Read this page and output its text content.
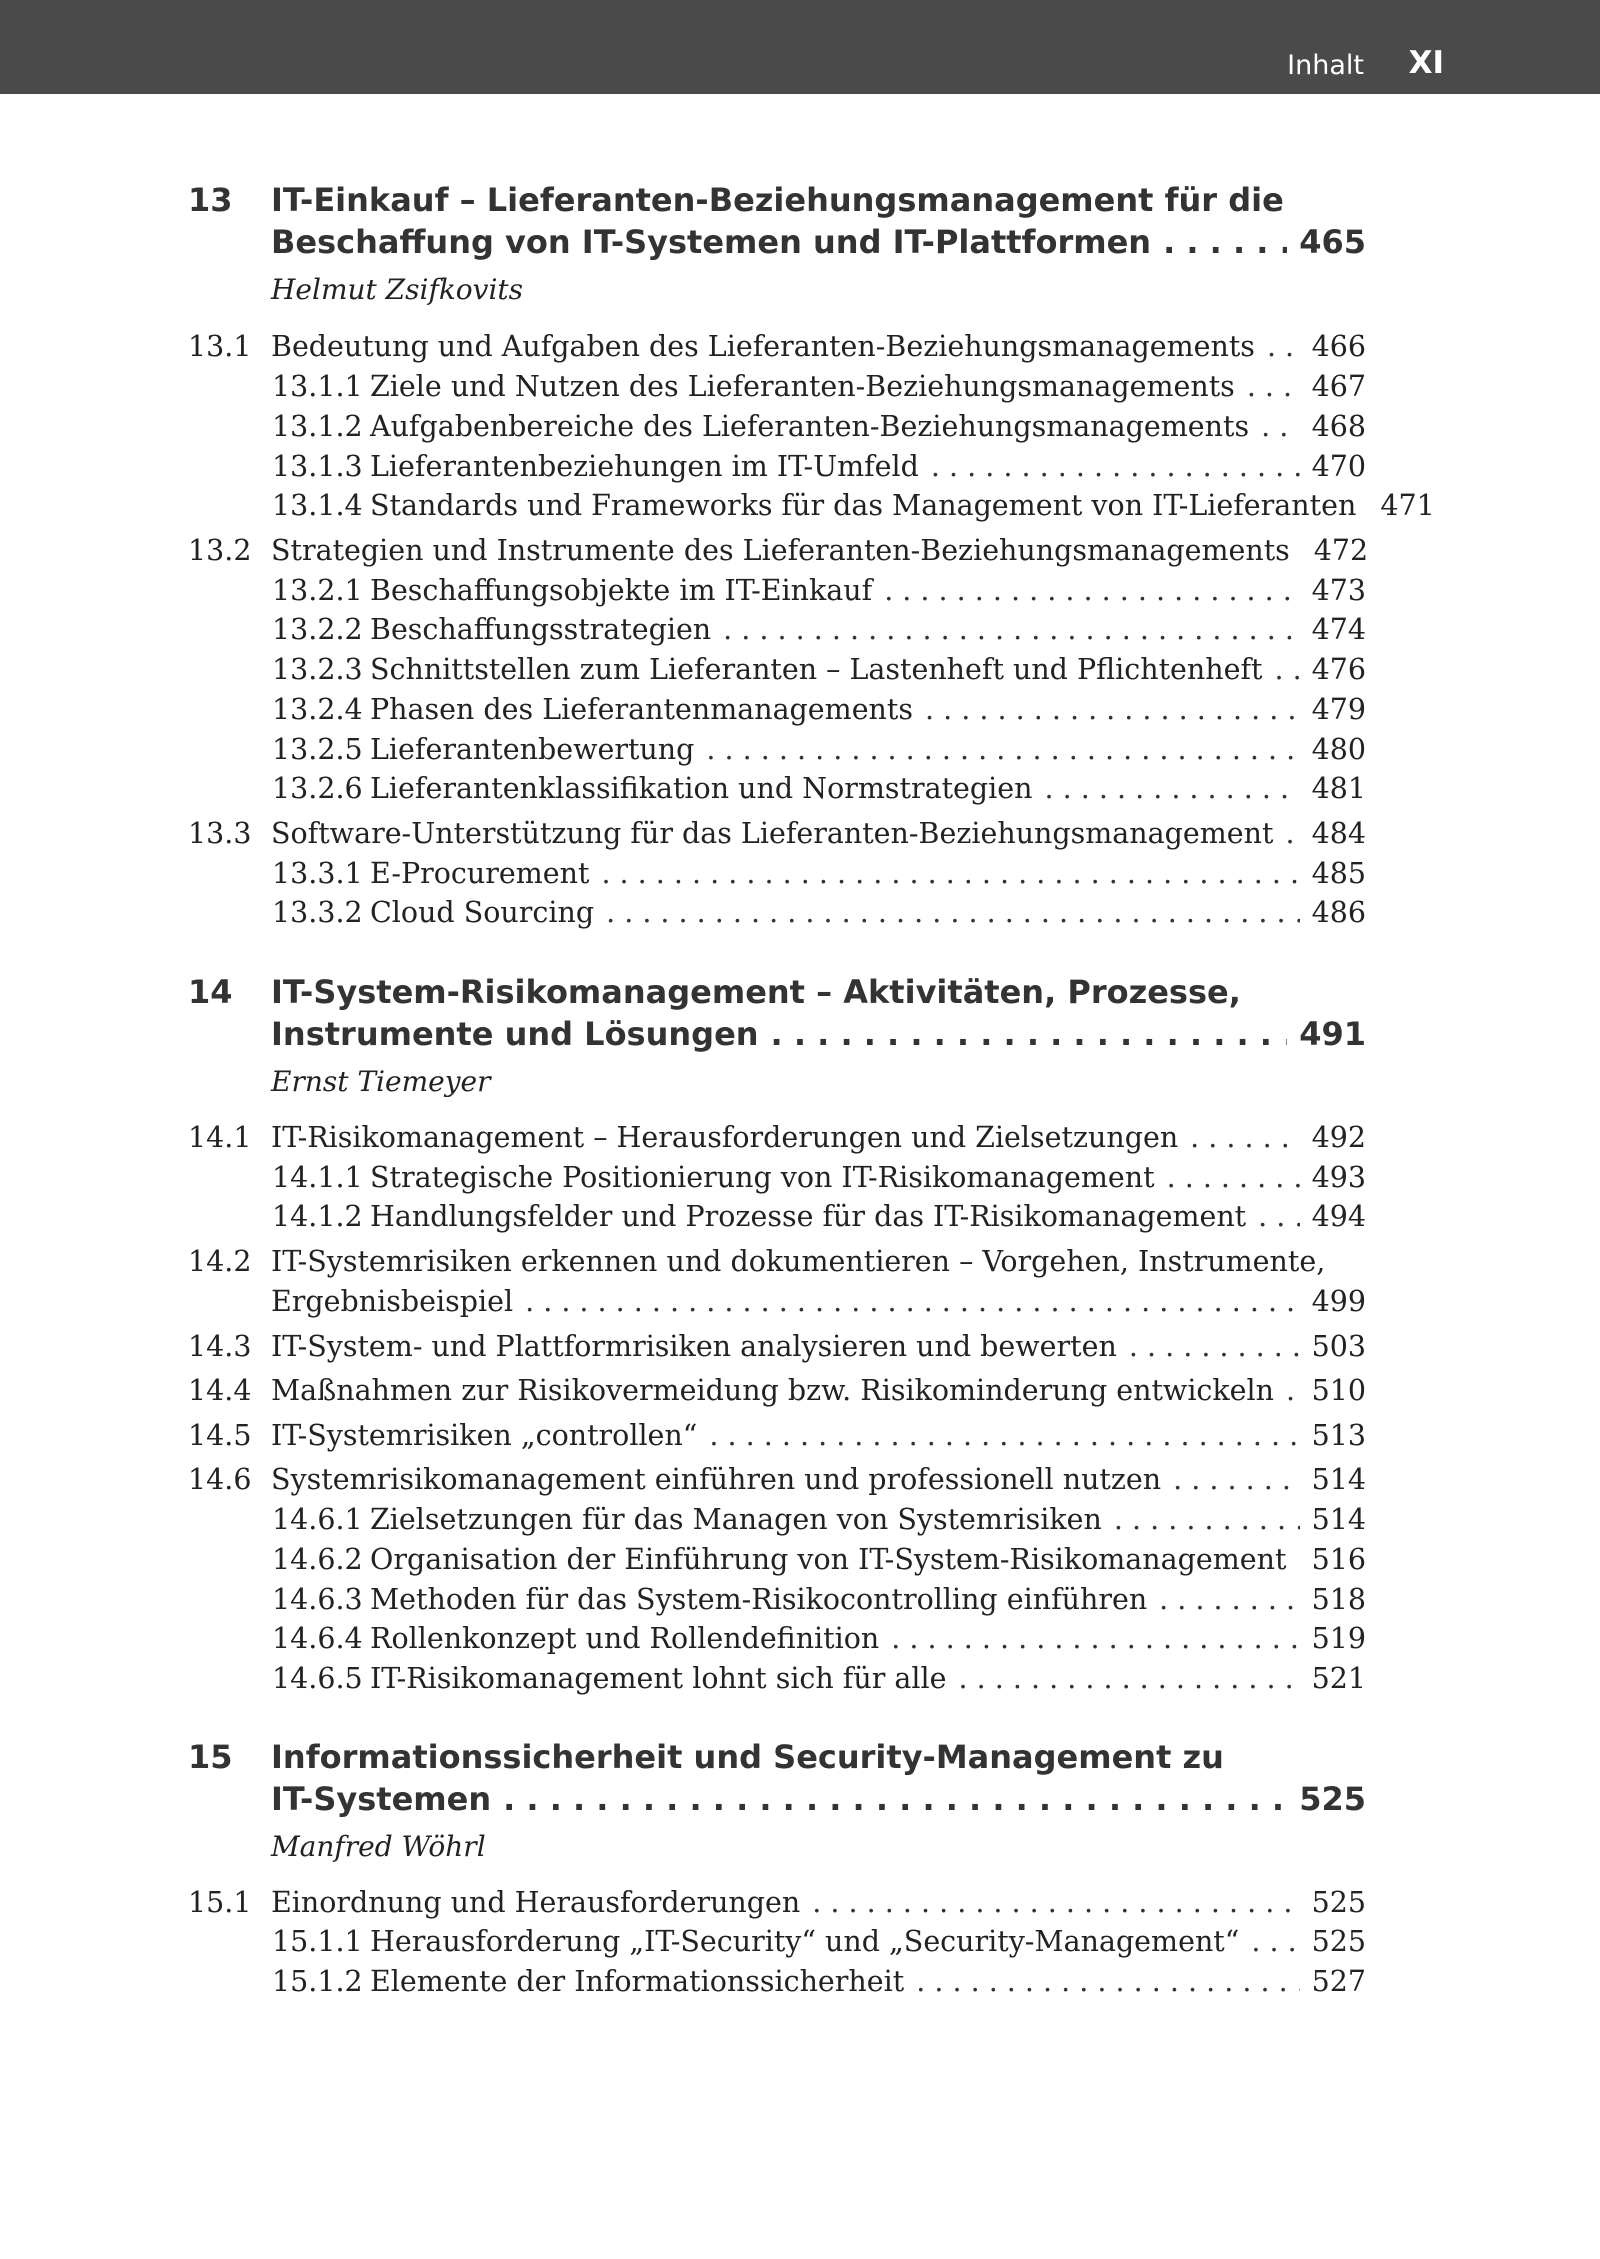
Inhalt XI
13	IT-Einkauf – Lieferanten-Beziehungsmanagement für die
Beschaffung von IT-Systemen und IT-Plattformen . . .	465
Helmut Zsifkovits
13.1 Bedeutung und Aufgaben des Lieferanten-Beziehungsmanagements . . . 466
13.1.1 Ziele und Nutzen des Lieferanten-Beziehungsmanagements . . .	467
13.1.2 Aufgabenbereiche des Lieferanten-Beziehungsmanagements . . . 468
13.1.3 Lieferantenbeziehungen im IT-Umfeld . . .	470
13.1.4 Standards und Frameworks für das Management von IT-Lieferanten 471
13.2 Strategien und Instrumente des Lieferanten-Beziehungsmanagements 472
13.2.1 Beschaffungsobjekte im IT-Einkauf . . .	473
13.2.2 Beschaffungsstrategien . . .	474
13.2.3 Schnittstellen zum Lieferanten – Lastenheft und Pflichtenheft . . . 476
13.2.4 Phasen des Lieferantenmanagements . . .	479
13.2.5 Lieferantenbewertung . . .	480
13.2.6 Lieferantenklassifikation und Normstrategien . . .	481
13.3 Software-Unterstützung für das Lieferanten-Beziehungsmanagement . . . 484
13.3.1 E-Procurement . . .	485
13.3.2 Cloud Sourcing . . .	486
14	IT-System-Risikomanagement – Aktivitäten, Prozesse,
Instrumente und Lösungen . . .	491
Ernst Tiemeyer
14.1 IT-Risikomanagement – Herausforderungen und Zielsetzungen . . .	492
14.1.1 Strategische Positionierung von IT-Risikomanagement . . .	493
14.1.2 Handlungsfelder und Prozesse für das IT-Risikomanagement . . . 494
14.2 IT-Systemrisiken erkennen und dokumentieren – Vorgehen, Instrumente,
Ergebnisbeispiel . . .	499
14.3 IT-System- und Plattformrisiken analysieren und bewerten . . .	503
14.4 Maßnahmen zur Risikovermeidung bzw. Risikominderung entwickeln . . . 510
14.5 IT-Systemrisiken „controllen“ . . .	513
14.6 Systemrisikomanagement einführen und professionell nutzen . . .	514
14.6.1 Zielsetzungen für das Managen von Systemrisiken . . .	514
14.6.2 Organisation der Einführung von IT-System-Risikomanagement . . . 516
14.6.3 Methoden für das System-Risikocontrolling einführen . . .	518
14.6.4 Rollenkonzept und Rollendefinition . . .	519
14.6.5 IT-Risikomanagement lohnt sich für alle . . .	521
15	Informationssicherheit und Security-Management zu
IT-Systemen . . .	525
Manfred Wöhrl
15.1 Einordnung und Herausforderungen . . .	525
15.1.1 Herausforderung „IT-Security“ und „Security-Management“ . . .	525
15.1.2 Elemente der Informationssicherheit . . .	527
